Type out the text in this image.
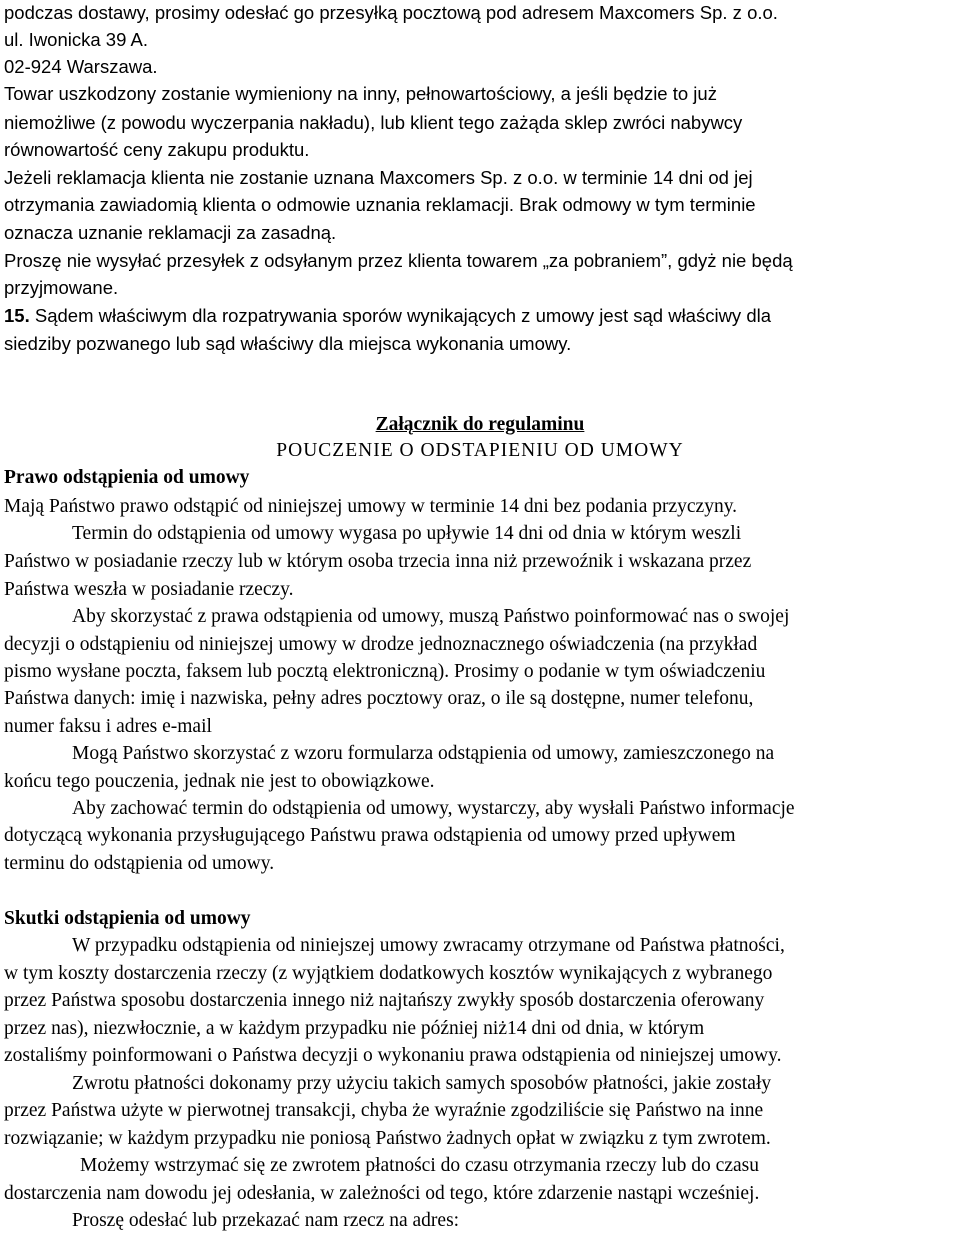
podczas dostawy, prosimy odesłać go przesyłką pocztową pod adresem Maxcomers Sp. z o.o.
ul. Iwonicka 39 A.
02-924 Warszawa.
Towar uszkodzony zostanie wymieniony na inny, pełnowartościowy, a jeśli będzie to już
niemożliwe (z powodu wyczerpania nakładu), lub klient tego zażąda sklep zwróci nabywcy
równowartość ceny zakupu produktu.
Jeżeli reklamacja klienta nie zostanie uznana Maxcomers Sp. z o.o. w terminie 14 dni od jej
otrzymania zawiadomią klienta o odmowie uznania reklamacji. Brak odmowy w tym terminie
oznacza uznanie reklamacji za zasadną.
Proszę nie wysyłać przesyłek z odsyłanym przez klienta towarem „za pobraniem”, gdyż nie będą
przyjmowane.
15. Sądem właściwym dla rozpatrywania sporów wynikających z umowy jest sąd właściwy dla
siedziby pozwanego lub sąd właściwy dla miejsca wykonania umowy.
Załącznik do regulaminu
POUCZENIE O ODSTAPIENIU OD UMOWY
Prawo odstąpienia od umowy
Mają Państwo prawo odstąpić od niniejszej umowy w terminie 14 dni bez podania przyczyny.
Termin do odstąpienia od umowy wygasa po upływie 14 dni od dnia w którym weszli
Państwo w posiadanie rzeczy lub w którym osoba trzecia inna niż przewoźnik i wskazana przez
Państwa weszła w posiadanie rzeczy.
Aby skorzystać z prawa odstąpienia od umowy, muszą Państwo poinformować nas o swojej
decyzji o odstąpieniu od niniejszej umowy w drodze jednoznacznego oświadczenia (na przykład
pismo wysłane poczta, faksem lub pocztą elektroniczną). Prosimy o podanie w tym oświadczeniu
Państwa danych: imię i nazwiska, pełny adres pocztowy oraz, o ile są dostępne, numer telefonu,
numer faksu i adres e-mail
Mogą Państwo skorzystać z wzoru formularza odstąpienia od umowy, zamieszczonego na
końcu tego pouczenia, jednak nie jest to obowiązkowe.
Aby zachować termin do odstąpienia od umowy, wystarczy, aby wysłali Państwo informacje
dotyczącą wykonania przysługującego Państwu prawa odstąpienia od umowy przed upływem
terminu do odstąpienia od umowy.
Skutki odstąpienia od umowy
W przypadku odstąpienia od niniejszej umowy zwracamy otrzymane od Państwa płatności,
w tym koszty dostarczenia rzeczy (z wyjątkiem dodatkowych kosztów wynikających z wybranego
przez Państwa sposobu dostarczenia innego niż najtańszy zwykły sposób dostarczenia oferowany
przez nas), niezwłocznie, a w każdym przypadku nie później niż14 dni od dnia, w którym
zostaliśmy poinformowani o Państwa decyzji o wykonaniu prawa odstąpienia od niniejszej umowy.
Zwrotu płatności dokonamy przy użyciu takich samych sposobów płatności, jakie zostały
przez Państwa użyte w pierwotnej transakcji, chyba że wyraźnie zgodziliście się Państwo na inne
rozwiązanie; w każdym przypadku nie poniosą Państwo żadnych opłat w związku z tym zwrotem.
Możemy wstrzymać się ze zwrotem płatności do czasu otrzymania rzeczy lub do czasu
dostarczenia nam dowodu jej odesłania, w zależności od tego, które zdarzenie nastąpi wcześniej.
Proszę odesłać lub przekazać nam rzecz na adres:
